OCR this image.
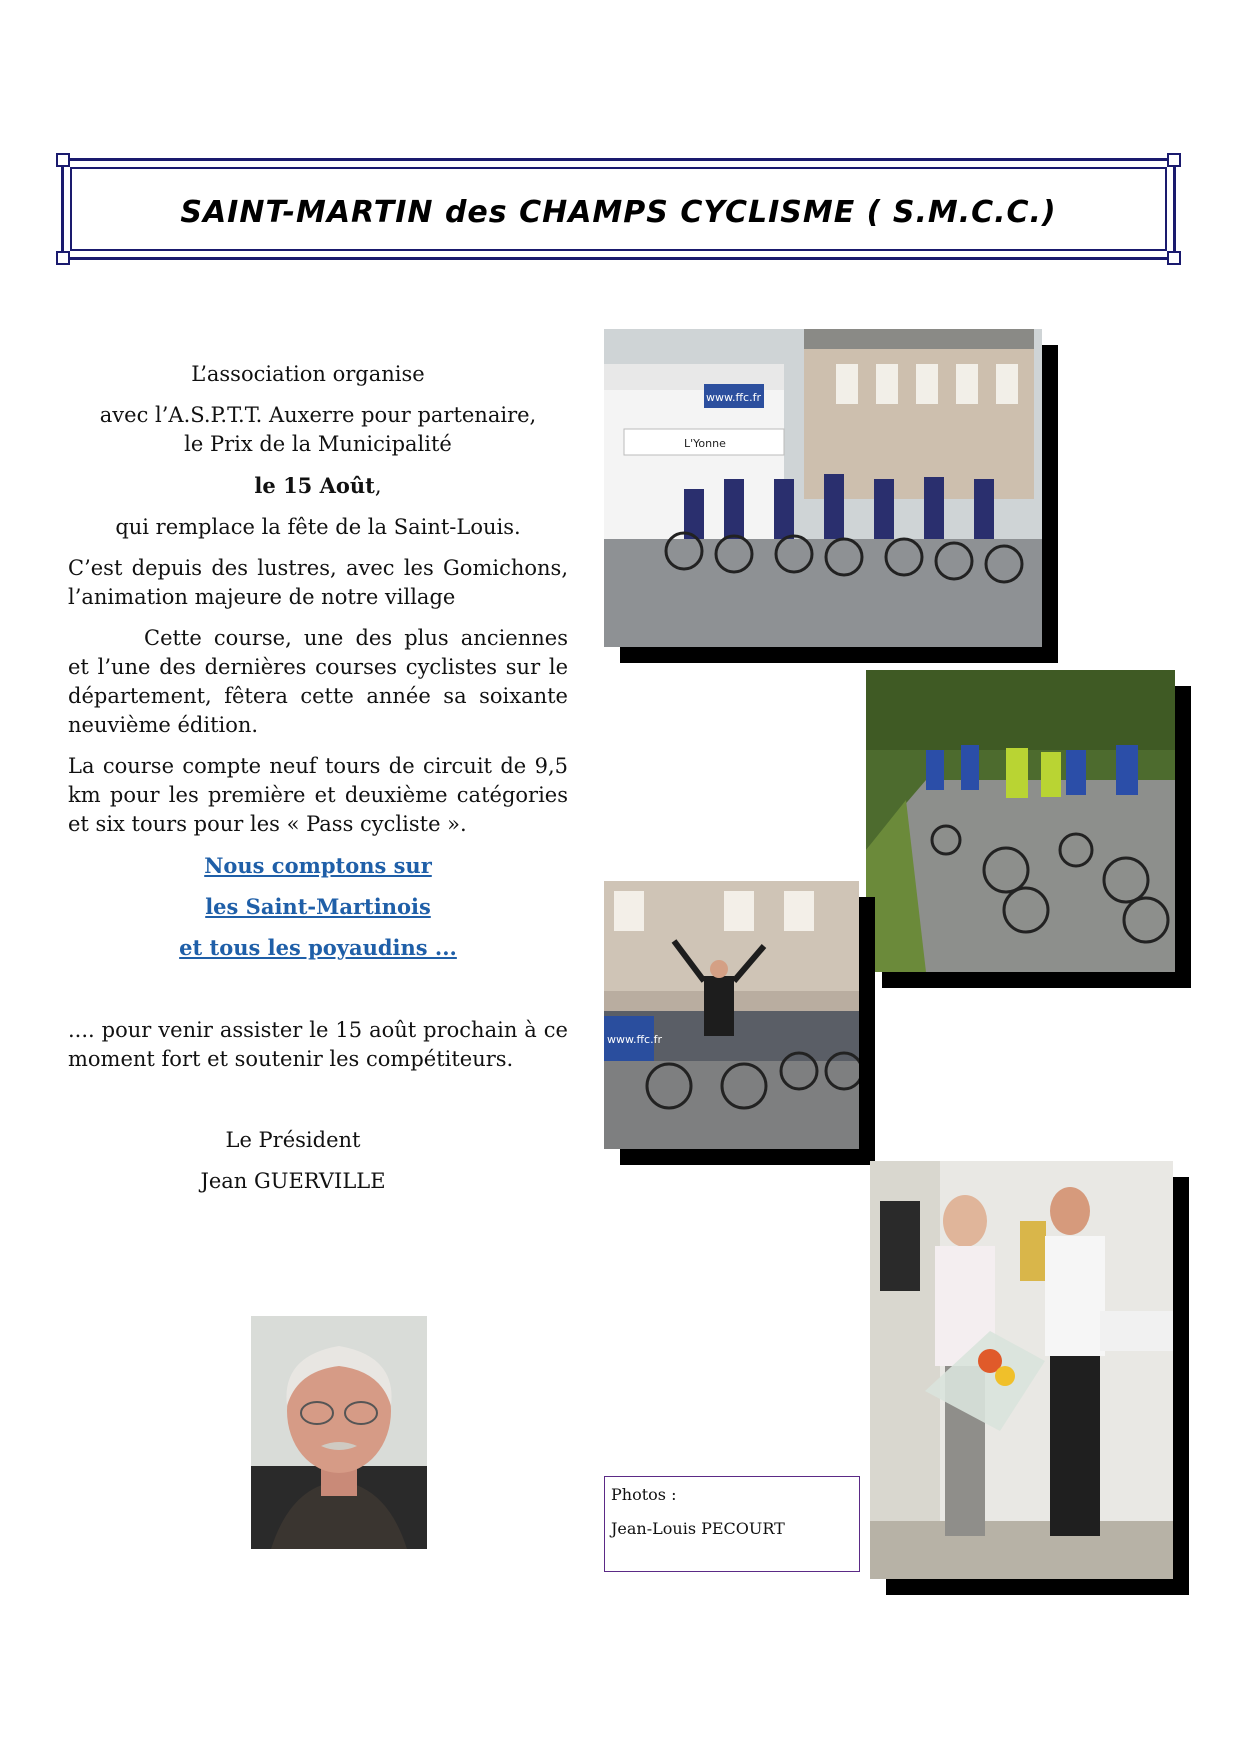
SAINT-MARTIN des CHAMPS CYCLISME ( S.M.C.C.)

L’association organise

avec l’A.S.P.T.T. Auxerre pour partenaire,

le Prix de la Municipalité

le 15 Août,

qui remplace la fête de la Saint-Louis.

C’est depuis des lustres, avec les Gomichons, l’animation majeure de notre village

Cette course, une des plus anciennes et l’une des dernières courses cyclistes sur le département, fêtera cette année sa soixante neuvième édition.

La course compte neuf tours de circuit de 9,5 km pour les première et deuxième catégories et six tours pour les « Pass cycliste ».

Nous comptons sur

les Saint-Martinois

et tous les poyaudins ...

.... pour venir assister le 15 août prochain à ce moment fort et soutenir les compétiteurs.

Le Président

Jean GUERVILLE

www.ffc.fr
L'Yonne
www.ffc.fr
Photos :
Jean-Louis PECOURT
